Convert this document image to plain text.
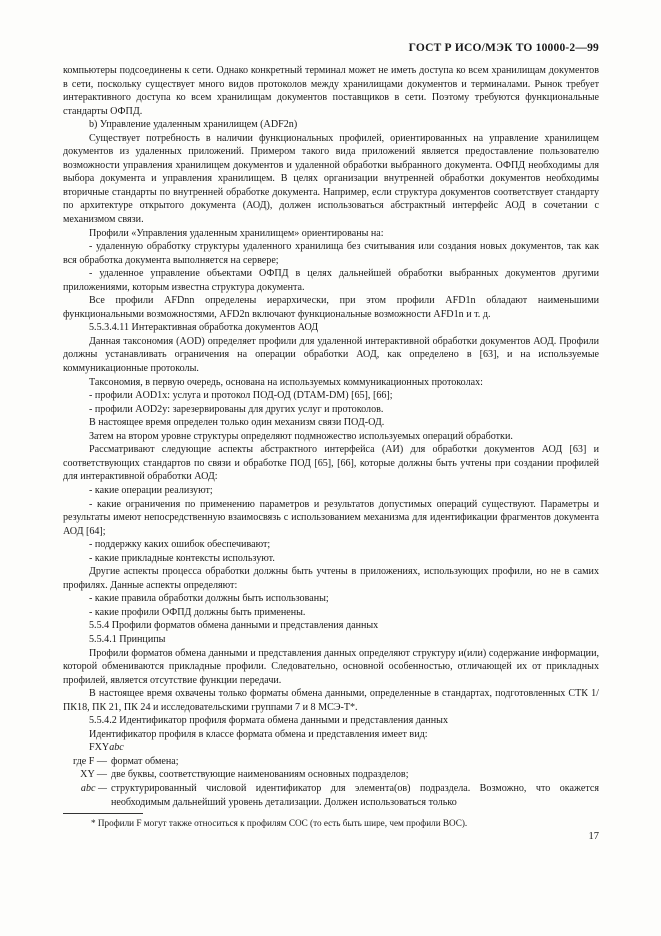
ГОСТ Р ИСО/МЭК ТО 10000-2—99

компьютеры подсоединены к сети. Однако конкретный терминал может не иметь доступа ко всем хранилищам документов в сети, поскольку существует много видов протоколов между хранилищами документов и терминалами. Рынок требует интерактивного доступа ко всем хранилищам документов поставщиков в сети. Поэтому требуются функциональные стандарты ОФПД.

b) Управление удаленным хранилищем (ADF2n)

Существует потребность в наличии функциональных профилей, ориентированных на управление хранилищем документов из удаленных приложений. Примером такого вида приложений является предоставление пользователю возможности управления хранилищем документов и удаленной обработки выбранного документа. ОФПД необходимы для выбора документа и управления хранилищем. В целях организации внутренней обработки документов необходимы вторичные стандарты по внутренней обработке документа. Например, если структура документов соответствует стандарту по архитектуре открытого документа (АОД), должен использоваться абстрактный интерфейс АОД в сочетании с механизмом связи.

Профили «Управления удаленным хранилищем» ориентированы на:

- удаленную обработку структуры удаленного хранилища без считывания или создания новых документов, так как вся обработка документа выполняется на сервере;

- удаленное управление объектами ОФПД в целях дальнейшей обработки выбранных документов другими приложениями, которым известна структура документа.

Все профили AFDnn определены иерархически, при этом профили AFD1n обладают наименьшими функциональными возможностями, AFD2n включают функциональные возможности AFD1n и т. д.

5.5.3.4.11 Интерактивная обработка документов АОД

Данная таксономия (AOD) определяет профили для удаленной интерактивной обработки документов АОД. Профили должны устанавливать ограничения на операции обработки АОД, как определено в [63], и на используемые коммуникационные протоколы.

Таксономия, в первую очередь, основана на используемых коммуникационных протоколах:

- профили AOD1x: услуга и протокол ПОД-ОД (DTAM-DM) [65], [66];

- профили AOD2y: зарезервированы для других услуг и протоколов.

В настоящее время определен только один механизм связи ПОД-ОД.

Затем на втором уровне структуры определяют подмножество используемых операций обработки.

Рассматривают следующие аспекты абстрактного интерфейса (АИ) для обработки документов АОД [63] и соответствующих стандартов по связи и обработке ПОД [65], [66], которые должны быть учтены при создании профилей для интерактивной обработки АОД:

- какие операции реализуют;

- какие ограничения по применению параметров и результатов допустимых операций существуют. Параметры и результаты имеют непосредственную взаимосвязь с использованием механизма для идентификации фрагментов документа АОД [64];

- поддержку каких ошибок обеспечивают;

- какие прикладные контексты используют.

Другие аспекты процесса обработки должны быть учтены в приложениях, использующих профили, но не в самих профилях. Данные аспекты определяют:

- какие правила обработки должны быть использованы;

- какие профили ОФПД должны быть применены.

5.5.4 Профили форматов обмена данными и представления данных

5.5.4.1 Принципы

Профили форматов обмена данными и представления данных определяют структуру и(или) содержание информации, которой обмениваются прикладные профили. Следовательно, основной особенностью, отличающей их от прикладных профилей, является отсутствие функции передачи.

В настоящее время охвачены только форматы обмена данными, определенные в стандартах, подготовленных СТК 1/ПК18, ПК 21, ПК 24 и исследовательскими группами 7 и 8 МСЭ-Т*.

5.5.4.2 Идентификатор профиля формата обмена данными и представления данных

Идентификатор профиля в классе формата обмена и представления имеет вид:

FXYabc

где F — формат обмена;
XY — две буквы, соответствующие наименованиям основных подразделов;
abc — структурированный числовой идентификатор для элемента(ов) подраздела. Возможно, что окажется необходимым дальнейший уровень детализации. Должен использоваться только

* Профили F могут также относиться к профилям COC (то есть быть шире, чем профили BOC).

17
